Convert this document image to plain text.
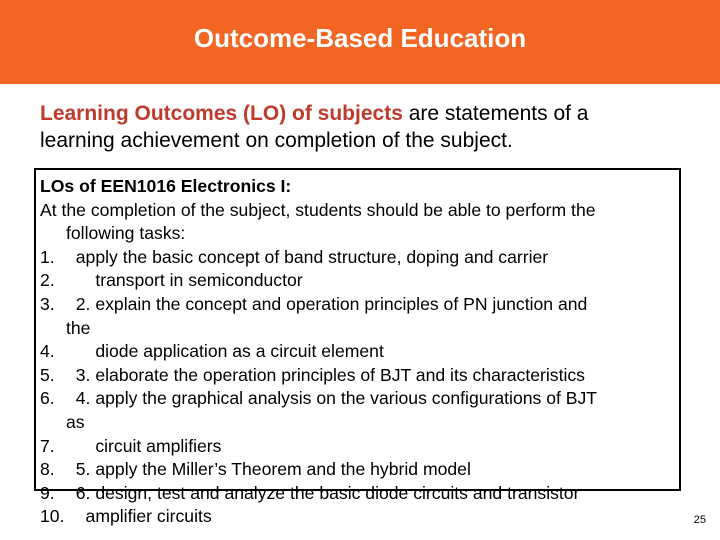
Outcome-Based Education
Learning Outcomes (LO) of subjects are statements of a
learning achievement on completion of the subject.
LOs of EEN1016 Electronics I:
At the completion of the subject, students should be able to perform the
following tasks:
1. apply the basic concept of band structure, doping and carrier
2. transport in semiconductor
3. 2. explain the concept and operation principles of PN junction and
the
4. diode application as a circuit element
5. 3. elaborate the operation principles of BJT and its characteristics
6. 4. apply the graphical analysis on the various configurations of BJT
as
7. circuit amplifiers
8. 5. apply the Miller’s Theorem and the hybrid model
9. 6. design, test and analyze the basic diode circuits and transistor
10. amplifier circuits	25
